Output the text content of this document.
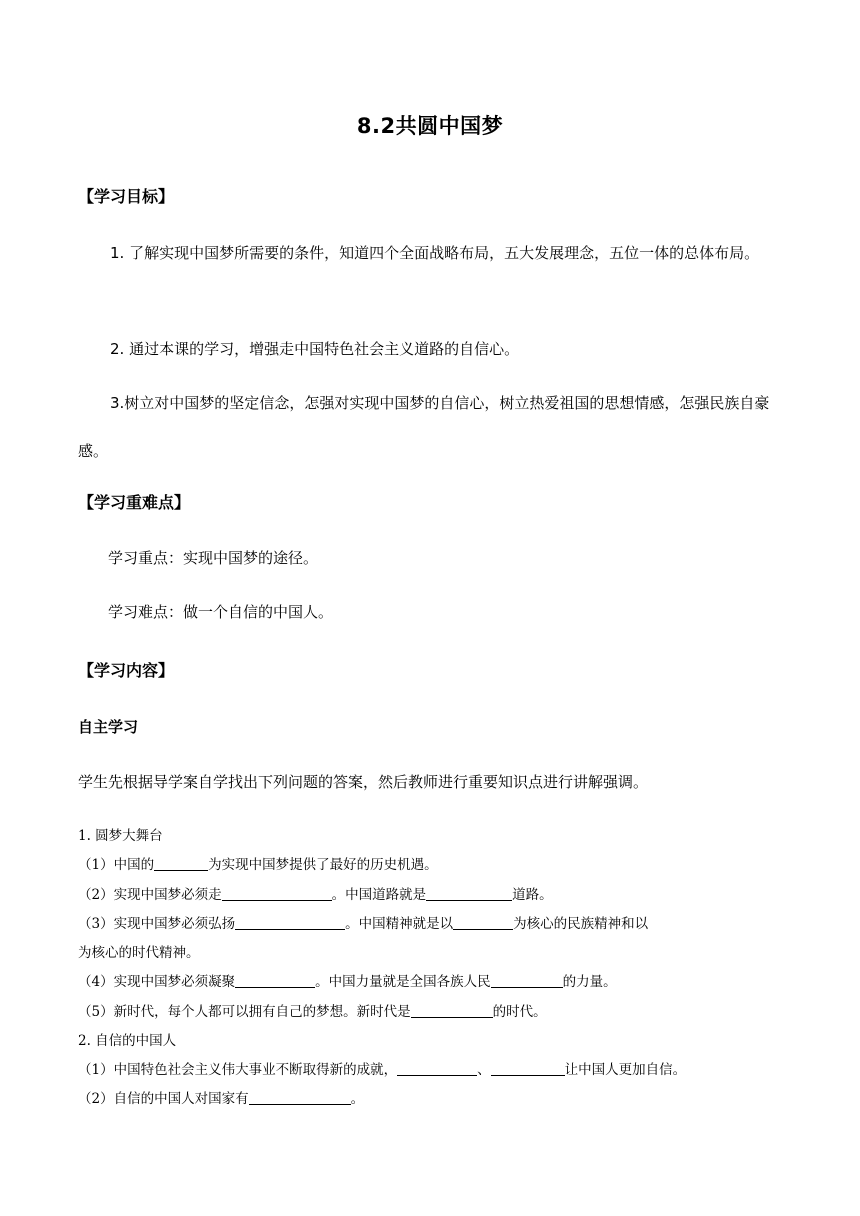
8.2共圆中国梦
【学习目标】
1. 了解实现中国梦所需要的条件，知道四个全面战略布局，五大发展理念，五位一体的总体布局。
2. 通过本课的学习，增强走中国特色社会主义道路的自信心。
3.树立对中国梦的坚定信念，怎强对实现中国梦的自信心，树立热爱祖国的思想情感，怎强民族自豪感。
【学习重难点】
学习重点：实现中国梦的途径。
学习难点：做一个自信的中国人。
【学习内容】
自主学习
学生先根据导学案自学找出下列问题的答案，然后教师进行重要知识点进行讲解强调。
1. 圆梦大舞台
（1）中国的	为实现中国梦提供了最好的历史机遇。
（2）实现中国梦必须走	。中国道路就是	道路。
（3）实现中国梦必须弘扬	。中国精神就是以	为核心的民族精神和以
为核心的时代精神。
（4）实现中国梦必须凝聚	。中国力量就是全国各族人民	的力量。
（5）新时代，每个人都可以拥有自己的梦想。新时代是	的时代。
2. 自信的中国人
（1）中国特色社会主义伟大事业不断取得新的成就，	、	让中国人更加自信。
（2）自信的中国人对国家有	。
